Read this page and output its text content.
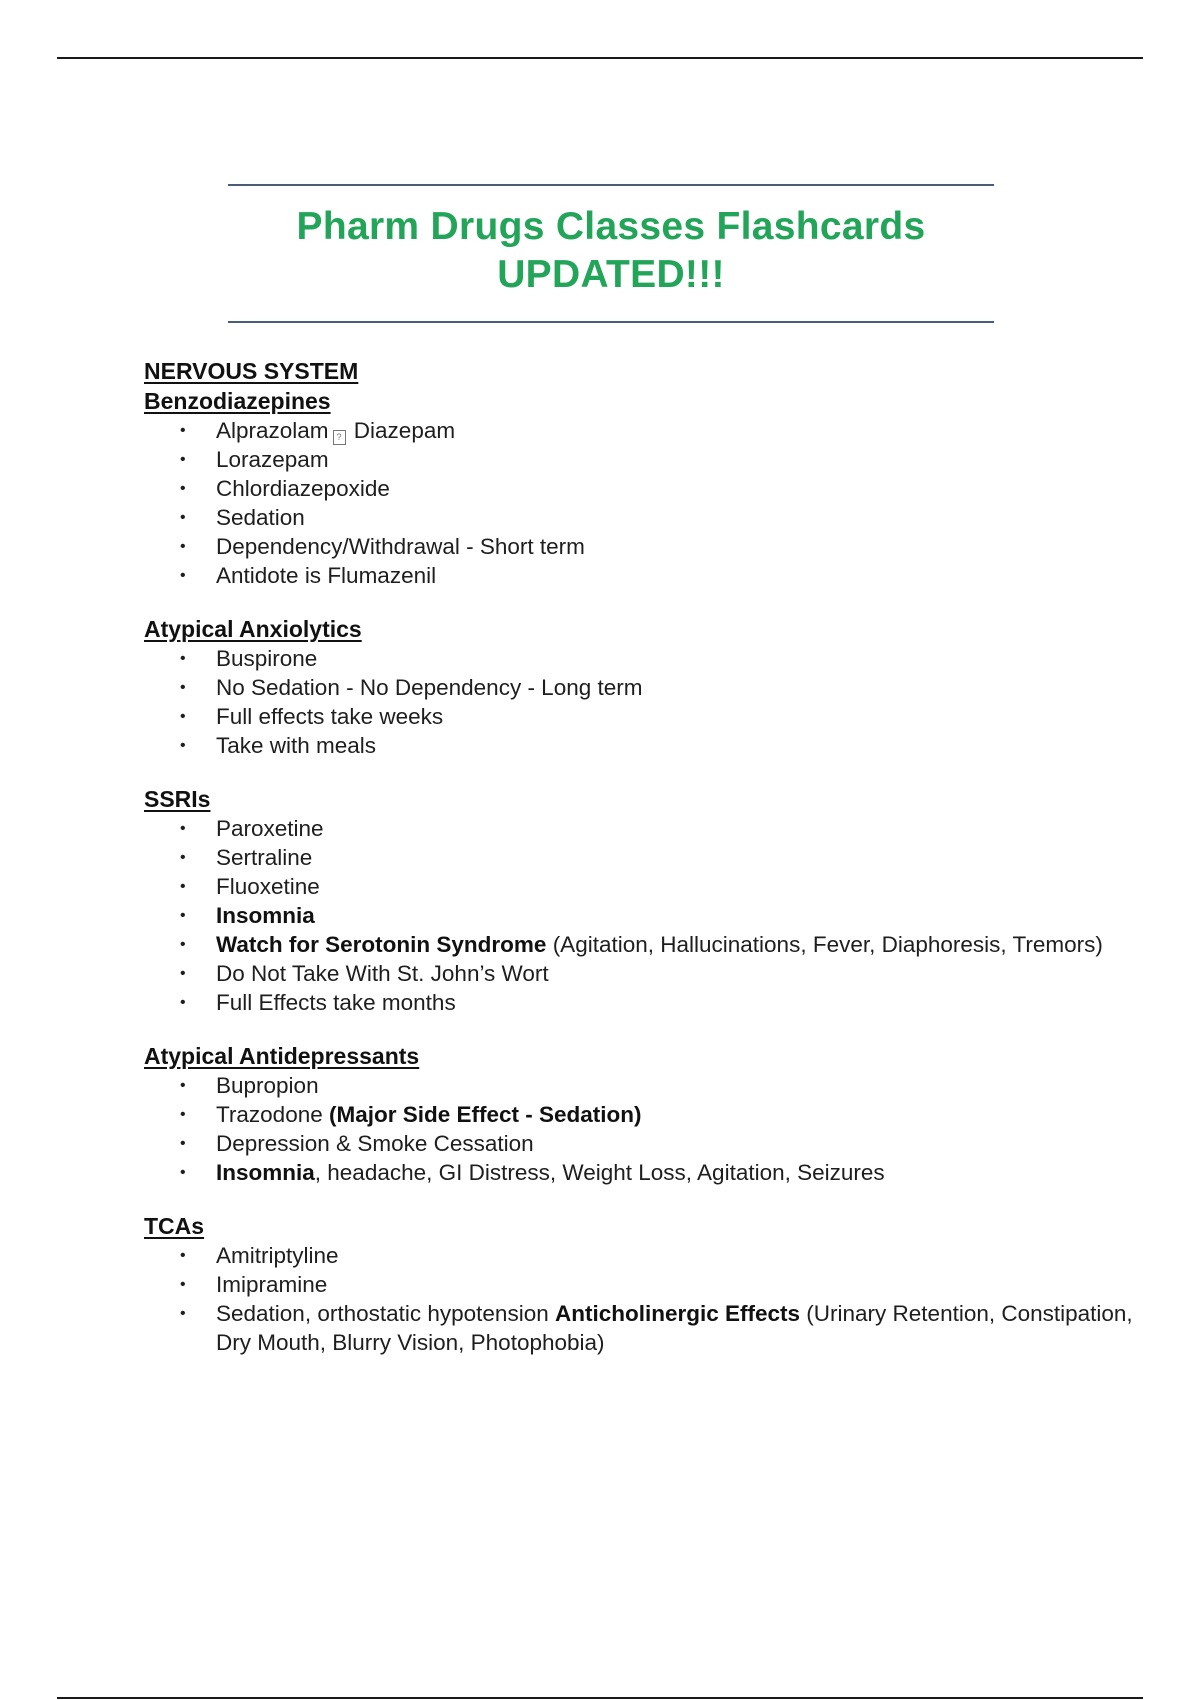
Pharm Drugs Classes Flashcards
UPDATED!!!
NERVOUS SYSTEM
Benzodiazepines
• Alprazolam ? Diazepam
• Lorazepam
• Chlordiazepoxide
• Sedation
• Dependency/Withdrawal - Short term
• Antidote is Flumazenil
Atypical Anxiolytics
• Buspirone
• No Sedation - No Dependency - Long term
• Full effects take weeks
• Take with meals
SSRIs
• Paroxetine
• Sertraline
• Fluoxetine
• Insomnia
• Watch for Serotonin Syndrome (Agitation, Hallucinations, Fever, Diaphoresis, Tremors)
• Do Not Take With St. John’s Wort
• Full Effects take months
Atypical Antidepressants
• Bupropion
• Trazodone (Major Side Effect - Sedation)
• Depression & Smoke Cessation
• Insomnia, headache, GI Distress, Weight Loss, Agitation, Seizures
TCAs
• Amitriptyline
• Imipramine
• Sedation, orthostatic hypotension Anticholinergic Effects (Urinary Retention, Constipation, Dry Mouth, Blurry Vision, Photophobia)
